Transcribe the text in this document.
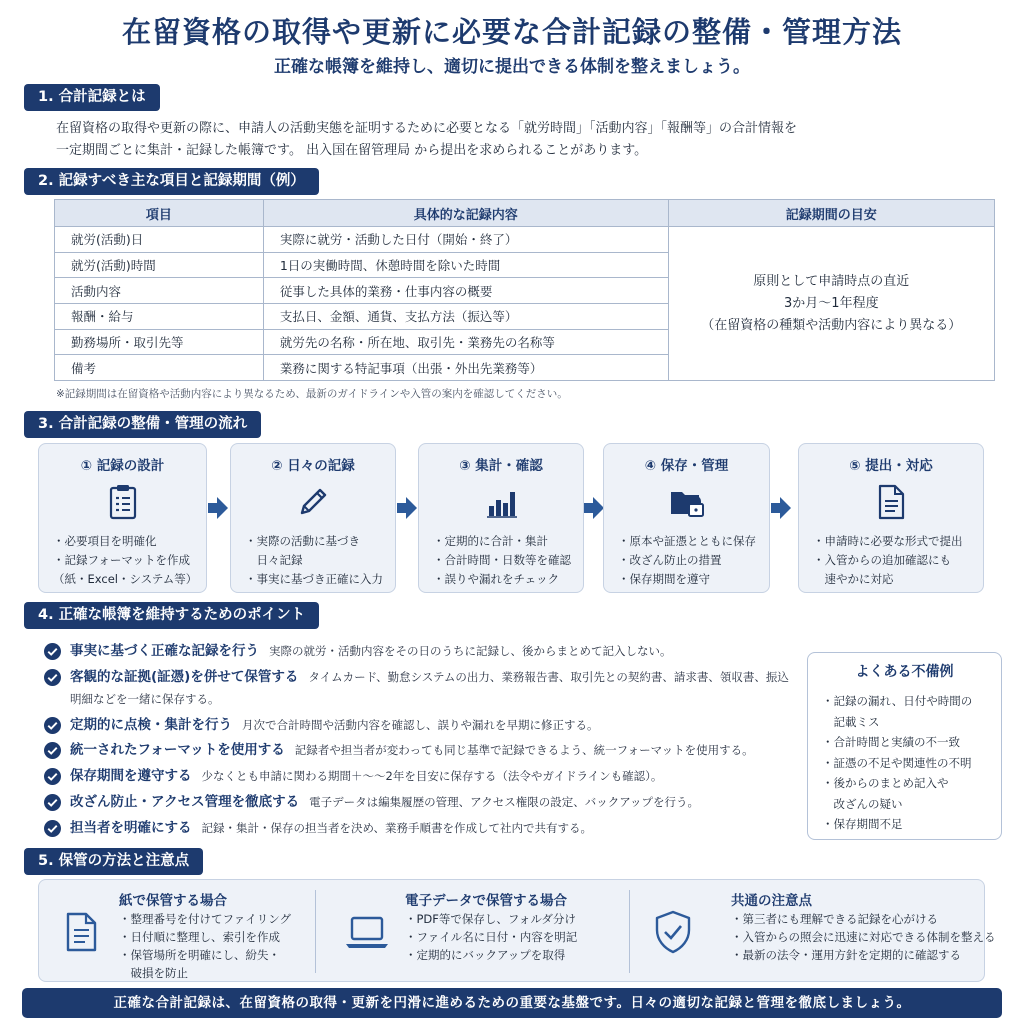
在留資格の取得や更新に必要な合計記録の整備・管理方法
正確な帳簿を維持し、適切に提出できる体制を整えましょう。
1. 合計記録とは
在留資格の取得や更新の際に、申請人の活動実態を証明するために必要となる「就労時間」「活動内容」「報酬等」の合計情報を
一定期間ごとに集計・記録した帳簿です。 出入国在留管理局 から提出を求められることがあります。
2. 記録すべき主な項目と記録期間（例）
項目	具体的な記録内容	記録期間の目安
就労(活動)日	実際に就労・活動した日付（開始・終了）	原則として申請時点の直近
3か月〜1年程度
（在留資格の種類や活動内容により異なる）

就労(活動)時間	1日の実働時間、休憩時間を除いた時間	
活動内容	従事した具体的業務・仕事内容の概要	
報酬・給与	支払日、金額、通貨、支払方法（振込等）	
勤務場所・取引先等	就労先の名称・所在地、取引先・業務先の名称等	
備考	業務に関する特記事項（出張・外出先業務等）	
※記録期間は在留資格や活動内容により異なるため、最新のガイドラインや入管の案内を確認してください。
3. 合計記録の整備・管理の流れ
① 記録の設計
・必要項目を明確化
・記録フォーマットを作成
（紙・Excel・システム等）
② 日々の記録
・実際の活動に基づき
　日々記録
・事実に基づき正確に入力
③ 集計・確認
・定期的に合計・集計
・合計時間・日数等を確認
・誤りや漏れをチェック
④ 保存・管理
・原本や証憑とともに保存
・改ざん防止の措置
・保存期間を遵守
⑤ 提出・対応
・申請時に必要な形式で提出
・入管からの追加確認にも
　速やかに対応
4. 正確な帳簿を維持するためのポイント
事実に基づく正確な記録を行う 実際の就労・活動内容をその日のうちに記録し、後からまとめて記入しない。
客観的な証拠(証憑)を併せて保管する タイムカード、勤怠システムの出力、業務報告書、取引先との契約書、請求書、領収書、振込明細などを一緒に保存する。
定期的に点検・集計を行う 月次で合計時間や活動内容を確認し、誤りや漏れを早期に修正する。
統一されたフォーマットを使用する 記録者や担当者が変わっても同じ基準で記録できるよう、統一フォーマットを使用する。
保存期間を遵守する 少なくとも申請に関わる期間＋〜〜2年を目安に保存する（法令やガイドラインも確認）。
改ざん防止・アクセス管理を徹底する 電子データは編集履歴の管理、アクセス権限の設定、バックアップを行う。
担当者を明確にする 記録・集計・保存の担当者を決め、業務手順書を作成して社内で共有する。
よくある不備例
・記録の漏れ、日付や時間の
　記載ミス
・合計時間と実績の不一致
・証憑の不足や関連性の不明
・後からのまとめ記入や
　改ざんの疑い
・保存期間不足
5. 保管の方法と注意点
紙で保管する場合
・整理番号を付けてファイリング
・日付順に整理し、索引を作成
・保管場所を明確にし、紛失・
　破損を防止
電子データで保管する場合
・PDF等で保存し、フォルダ分け
・ファイル名に日付・内容を明記
・定期的にバックアップを取得
共通の注意点
・第三者にも理解できる記録を心がける
・入管からの照会に迅速に対応できる体制を整える
・最新の法令・運用方針を定期的に確認する
正確な合計記録は、在留資格の取得・更新を円滑に進めるための重要な基盤です。日々の適切な記録と管理を徹底しましょう。
